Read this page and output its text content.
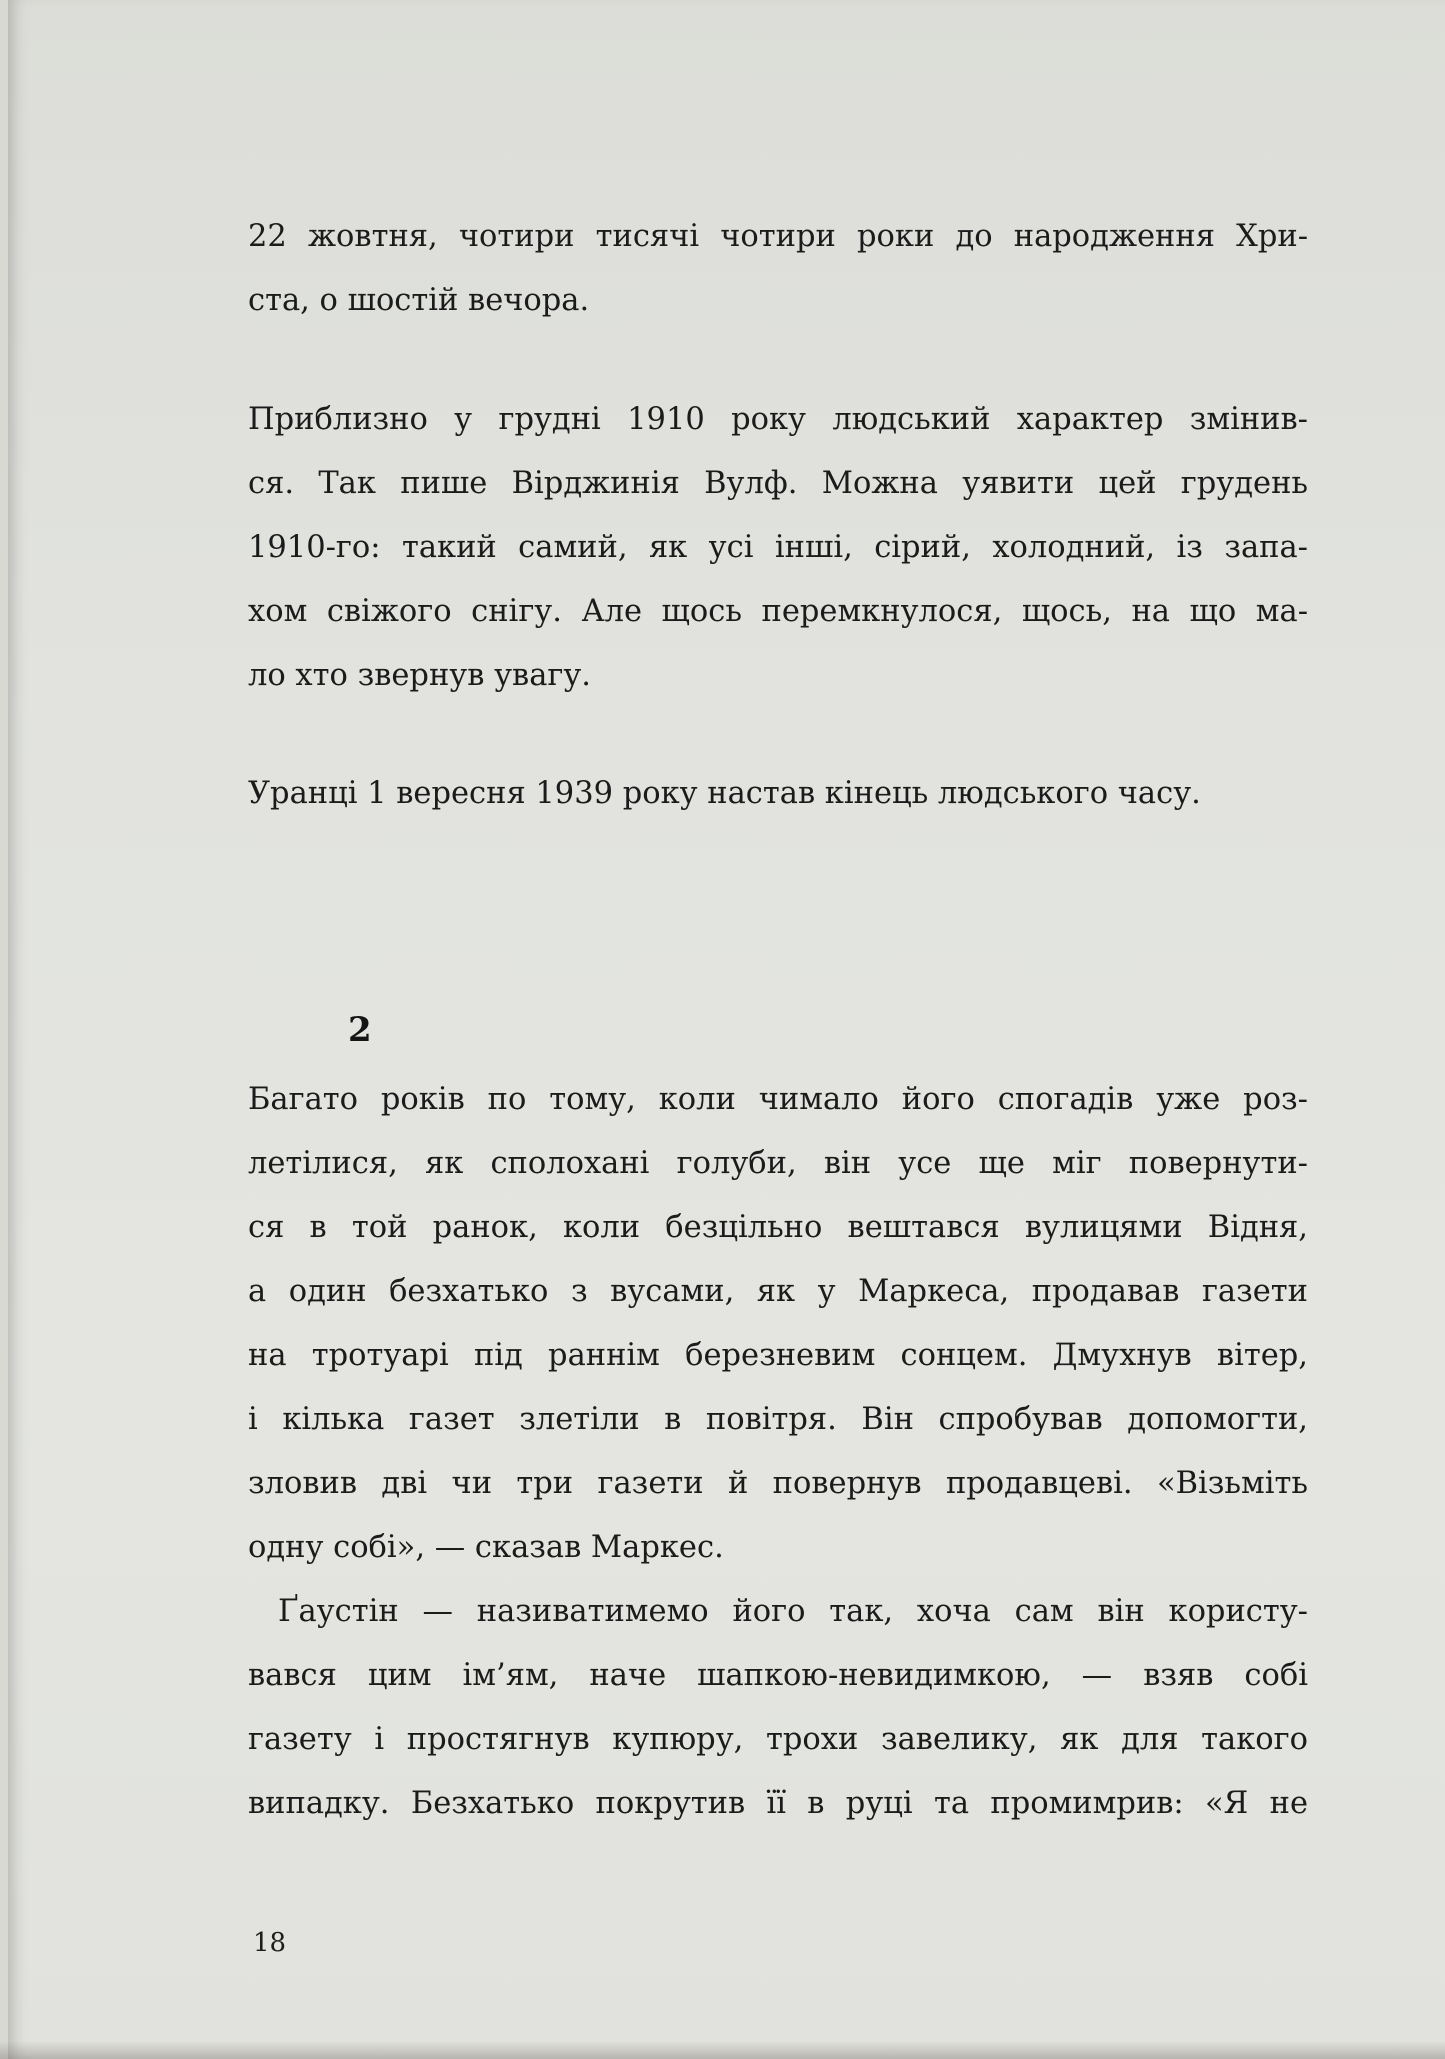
22 жовтня, чотири тисячі чотири роки до народження Хри-
ста, о шостій вечора.
Приблизно у грудні 1910 року людський характер змінив-
ся. Так пише Вірджинія Вулф. Можна уявити цей грудень
1910-го: такий самий, як усі інші, сірий, холодний, із запа-
хом свіжого снігу. Але щось перемкнулося, щось, на що ма-
ло хто звернув увагу.
Уранці 1 вересня 1939 року настав кінець людського часу.
2
Багато років по тому, коли чимало його спогадів уже роз-
летілися, як сполохані голуби, він усе ще міг повернути-
ся в той ранок, коли безцільно вештався вулицями Відня,
а один безхатько з вусами, як у Маркеса, продавав газети
на тротуарі під раннім березневим сонцем. Дмухнув вітер,
і кілька газет злетіли в повітря. Він спробував допомогти,
зловив дві чи три газети й повернув продавцеві. «Візьміть
одну собі», — сказав Маркес.
Ґаустін — називатимемо його так, хоча сам він користу-
вався цим ім’ям, наче шапкою-невидимкою, — взяв собі
газету і простягнув купюру, трохи завелику, як для такого
випадку. Безхатько покрутив її в руці та промимрив: «Я не
18
